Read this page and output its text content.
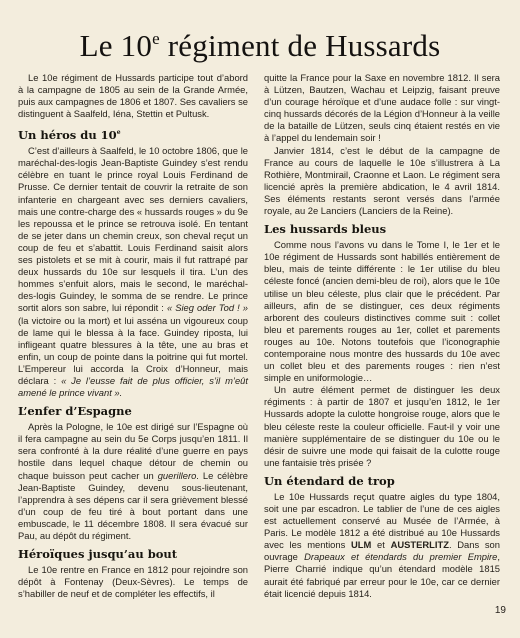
Le 10e régiment de Hussards

Le 10e régiment de Hussards participe tout d’abord à la campagne de 1805 au sein de la Grande Armée, puis aux campagnes de 1806 et 1807. Ses cavaliers se distinguent à Saalfeld, Iéna, Stettin et Pultusk.

Un héros du 10e

C’est d’ailleurs à Saalfeld, le 10 octobre 1806, que le maréchal-des-logis Jean-Baptiste Guindey s’est rendu célèbre en tuant le prince royal Louis Ferdinand de Prusse. Ce dernier tentait de couvrir la retraite de son infanterie en chargeant avec ses derniers cavaliers, mais une contre-charge des « hussards rouges » du 9e les repoussa et le prince se retrouva isolé. En tentant de se jeter dans un chemin creux, son cheval reçut un coup de feu et s’abattit. Louis Ferdinand saisit alors ses pistolets et se mit à courir, mais il fut rattrapé par deux hussards du 10e sur lesquels il tira. L’un des hommes s’enfuit alors, mais le second, le maréchal-des-logis Guindey, le somma de se rendre. Le prince sortit alors son sabre, lui répondit : « Sieg oder Tod ! » (la victoire ou la mort) et lui asséna un vigoureux coup de lame qui le blessa à la face. Guindey riposta, lui infligeant quatre blessures à la tête, une au bras et enfin, un coup de pointe dans la poitrine qui fut mortel. L’Empereur lui accorda la Croix d’Honneur, mais déclara : « Je l’eusse fait de plus officier, s’il m’eût amené le prince vivant ».

L’enfer d’Espagne

Après la Pologne, le 10e est dirigé sur l’Espagne où il fera campagne au sein du 5e Corps jusqu’en 1811. Il sera confronté à la dure réalité d’une guerre en pays hostile dans lequel chaque détour de chemin ou chaque buisson peut cacher un guerillero. Le célèbre Jean-Baptiste Guindey, devenu sous-lieutenant, l’apprendra à ses dépens car il sera grièvement blessé d’un coup de feu tiré à bout portant dans une embuscade, le 11 décembre 1808. Il sera évacué sur Pau, au dépôt du régiment.

Héroïques jusqu’au bout

Le 10e rentre en France en 1812 pour rejoindre son dépôt à Fontenay (Deux-Sèvres). Le temps de s’habiller de neuf et de compléter les effectifs, il

quitte la France pour la Saxe en novembre 1812. Il sera à Lützen, Bautzen, Wachau et Leipzig, faisant preuve d’un courage héroïque et d’une audace folle : sur vingt-cinq hussards décorés de la Légion d’Honneur à la veille de la bataille de Lützen, seuls cinq étaient restés en vie à l’appel du lendemain soir !

Janvier 1814, c’est le début de la campagne de France au cours de laquelle le 10e s’illustrera à La Rothière, Montmirail, Craonne et Laon. Le régiment sera licencié après la première abdication, le 4 avril 1814. Ses éléments restants seront versés dans l’armée royale, au 2e Lanciers (Lanciers de la Reine).

Les hussards bleus

Comme nous l’avons vu dans le Tome I, le 1er et le 10e régiment de Hussards sont habillés entièrement de bleu, mais de teinte différente : le 1er utilise du bleu céleste foncé (ancien demi-bleu de roi), alors que le 10e utilise un bleu céleste, plus clair que le précédent. Par ailleurs, afin de se distinguer, ces deux régiments arborent des couleurs distinctives comme suit : collet bleu et parements rouges au 1er, collet et parements rouges au 10e. Notons toutefois que l’iconographie contemporaine nous montre des hussards du 10e avec un collet bleu et des parements rouges : rien n’est simple en uniformologie…

Un autre élément permet de distinguer les deux régiments : à partir de 1807 et jusqu’en 1812, le 1er Hussards adopte la culotte hongroise rouge, alors que le bleu céleste reste la couleur officielle. Faut-il y voir une manière supplémentaire de se distinguer du 10e ou le désir de suivre une mode qui faisait de la culotte rouge une fantaisie très prisée ?

Un étendard de trop

Le 10e Hussards reçut quatre aigles du type 1804, soit une par escadron. Le tablier de l’une de ces aigles est actuellement conservé au Musée de l’Armée, à Paris. Le modèle 1812 a été distribué au 10e Hussards avec les mentions ULM et AUSTERLITZ. Dans son ouvrage Drapeaux et étendards du premier Empire, Pierre Charrié indique qu’un étendard modèle 1815 aurait été fabriqué par erreur pour le 10e, car ce dernier était licencié depuis 1814.

19
